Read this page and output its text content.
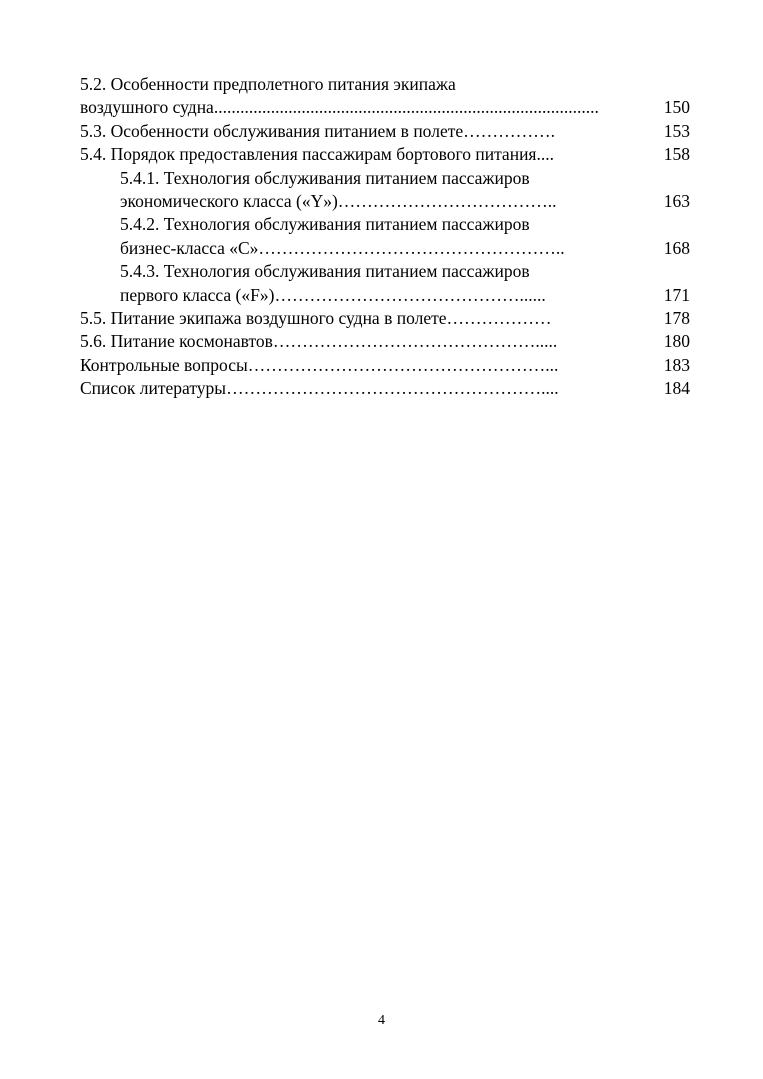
5.2. Особенности предполетного питания экипажа
воздушного судна ........................................................................................	150
5.3. Особенности обслуживания питанием в полете …………….	153
5.4. Порядок предоставления пассажирам бортового питания ....	158
5.4.1. Технология обслуживания питанием пассажиров
экономического класса («Y») ………………………………..	163
5.4.2. Технология обслуживания питанием пассажиров
бизнес-класса «С» ……………………………………………..	168
5.4.3. Технология обслуживания питанием пассажиров
первого класса («F») ……………………………………......	171
5.5. Питание экипажа воздушного судна в полете ………………	178
5.6. Питание космонавтов ……………………………………….....	180
Контрольные вопросы ……………………………………………...	183
Список литературы ………………………………………………....	184
4
